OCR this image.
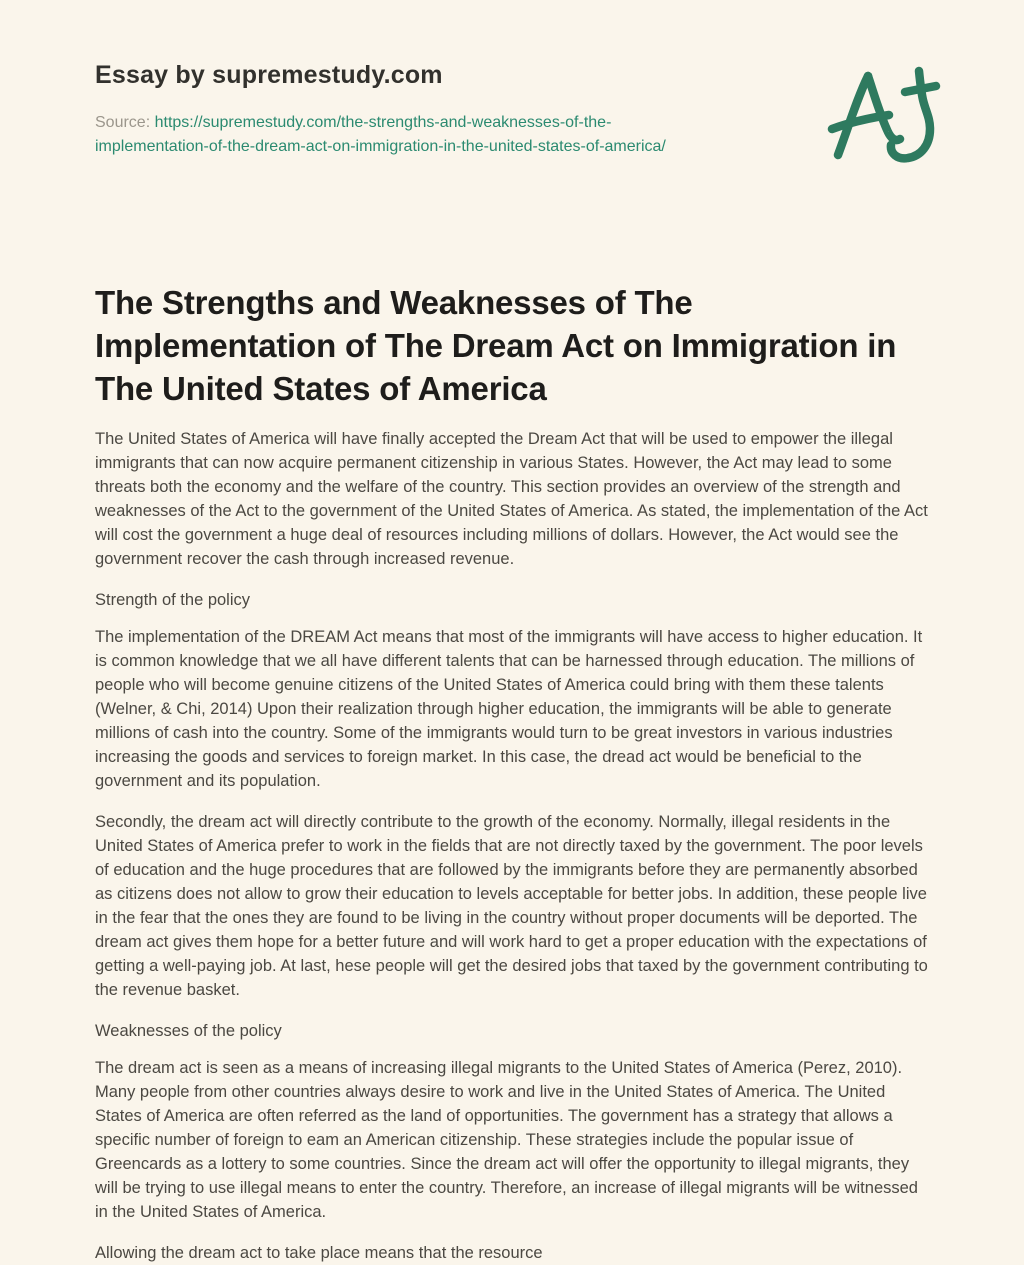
Essay by supremestudy.com
Source: https://supremestudy.com/the-strengths-and-weaknesses-of-the-implementation-of-the-dream-act-on-immigration-in-the-united-states-of-america/
The Strengths and Weaknesses of The Implementation of The Dream Act on Immigration in The United States of America

The United States of America will have finally accepted the Dream Act that will be used to empower the illegal immigrants that can now acquire permanent citizenship in various States. However, the Act may lead to some threats both the economy and the welfare of the country. This section provides an overview of the strength and weaknesses of the Act to the government of the United States of America. As stated, the implementation of the Act will cost the government a huge deal of resources including millions of dollars. However, the Act would see the government recover the cash through increased revenue.

Strength of the policy

The implementation of the DREAM Act means that most of the immigrants will have access to higher education. It is common knowledge that we all have different talents that can be harnessed through education. The millions of people who will become genuine citizens of the United States of America could bring with them these talents (Welner, & Chi, 2014) Upon their realization through higher education, the immigrants will be able to generate millions of cash into the country. Some of the immigrants would turn to be great investors in various industries increasing the goods and services to foreign market. In this case, the dread act would be beneficial to the government and its population.

Secondly, the dream act will directly contribute to the growth of the economy. Normally, illegal residents in the United States of America prefer to work in the fields that are not directly taxed by the government. The poor levels of education and the huge procedures that are followed by the immigrants before they are permanently absorbed as citizens does not allow to grow their education to levels acceptable for better jobs. In addition, these people live in the fear that the ones they are found to be living in the country without proper documents will be deported. The dream act gives them hope for a better future and will work hard to get a proper education with the expectations of getting a well-paying job. At last, hese people will get the desired jobs that taxed by the government contributing to the revenue basket.

Weaknesses of the policy

The dream act is seen as a means of increasing illegal migrants to the United States of America (Perez, 2010). Many people from other countries always desire to work and live in the United States of America. The United States of America are often referred as the land of opportunities. The government has a strategy that allows a specific number of foreign to eam an American citizenship. These strategies include the popular issue of Greencards as a lottery to some countries. Since the dream act will offer the opportunity to illegal migrants, they will be trying to use illegal means to enter the country. Therefore, an increase of illegal migrants will be witnessed in the United States of America.

Allowing the dream act to take place means that the resource
